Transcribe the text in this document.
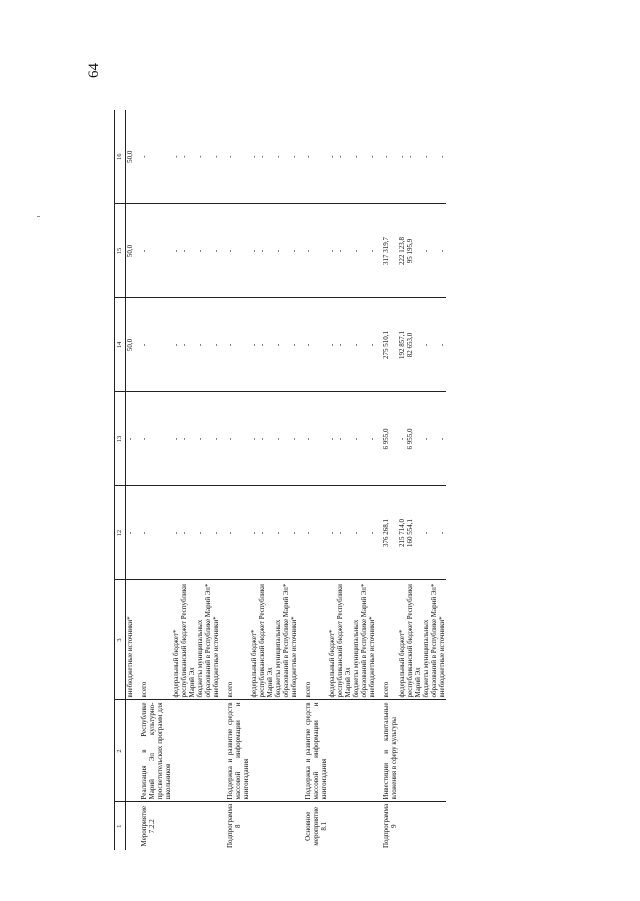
64
1	2	3	12	13	14	15	16
		внебюджетные источники*	-	-	50,0	50,0	50,0
Мероприятие 7.2.2	Реализация в Республике Марий Эл культурно-просветительских программ для школьников	всего	-	-	-	-	-
		федеральный бюджет*	-	-	-	-	-
		республиканский бюджет Республики Марий Эл	-	-	-	-	-
		бюджеты муниципальных образований в Республике Марий Эл*	-	-	-	-	-
		внебюджетные источники*	-	-	-	-	-
Подпрограмма 8	Поддержка и развитие средств массовой информации и книгоиздания	всего	-	-	-	-	-
		федеральный бюджет*	-	-	-	-	-
		республиканский бюджет Республики Марий Эл	-	-	-	-	-
		бюджеты муниципальных образований в Республике Марий Эл*	-	-	-	-	-
		внебюджетные источники*	-	-	-	-	-
Основное мероприятие 8.1	Поддержка и развитие средств массовой информации и книгоиздания	всего	-	-	-	-	-
		федеральный бюджет*	-	-	-	-	-
		республиканский бюджет Республики Марий Эл	-	-	-	-	-
		бюджеты муниципальных образований в Республике Марий Эл*	-	-	-	-	-
		внебюджетные источники*	-	-	-	-	-
Подпрограмма 9	Инвестиции и капитальные вложения в сферу культуры	всего	376 268,1	6 955,0	275 510,1	317 319,7	-
		федеральный бюджет*	215 714,0	-	192 857,1	222 123,8	-
		республиканский бюджет Республики Марий Эл	160 554,1	6 955,0	82 653,0	95 195,9	-
		бюджеты муниципальных образований в Республике Марий Эл*	-	-	-	-	-
		внебюджетные источники*	-	-	-	-	-
